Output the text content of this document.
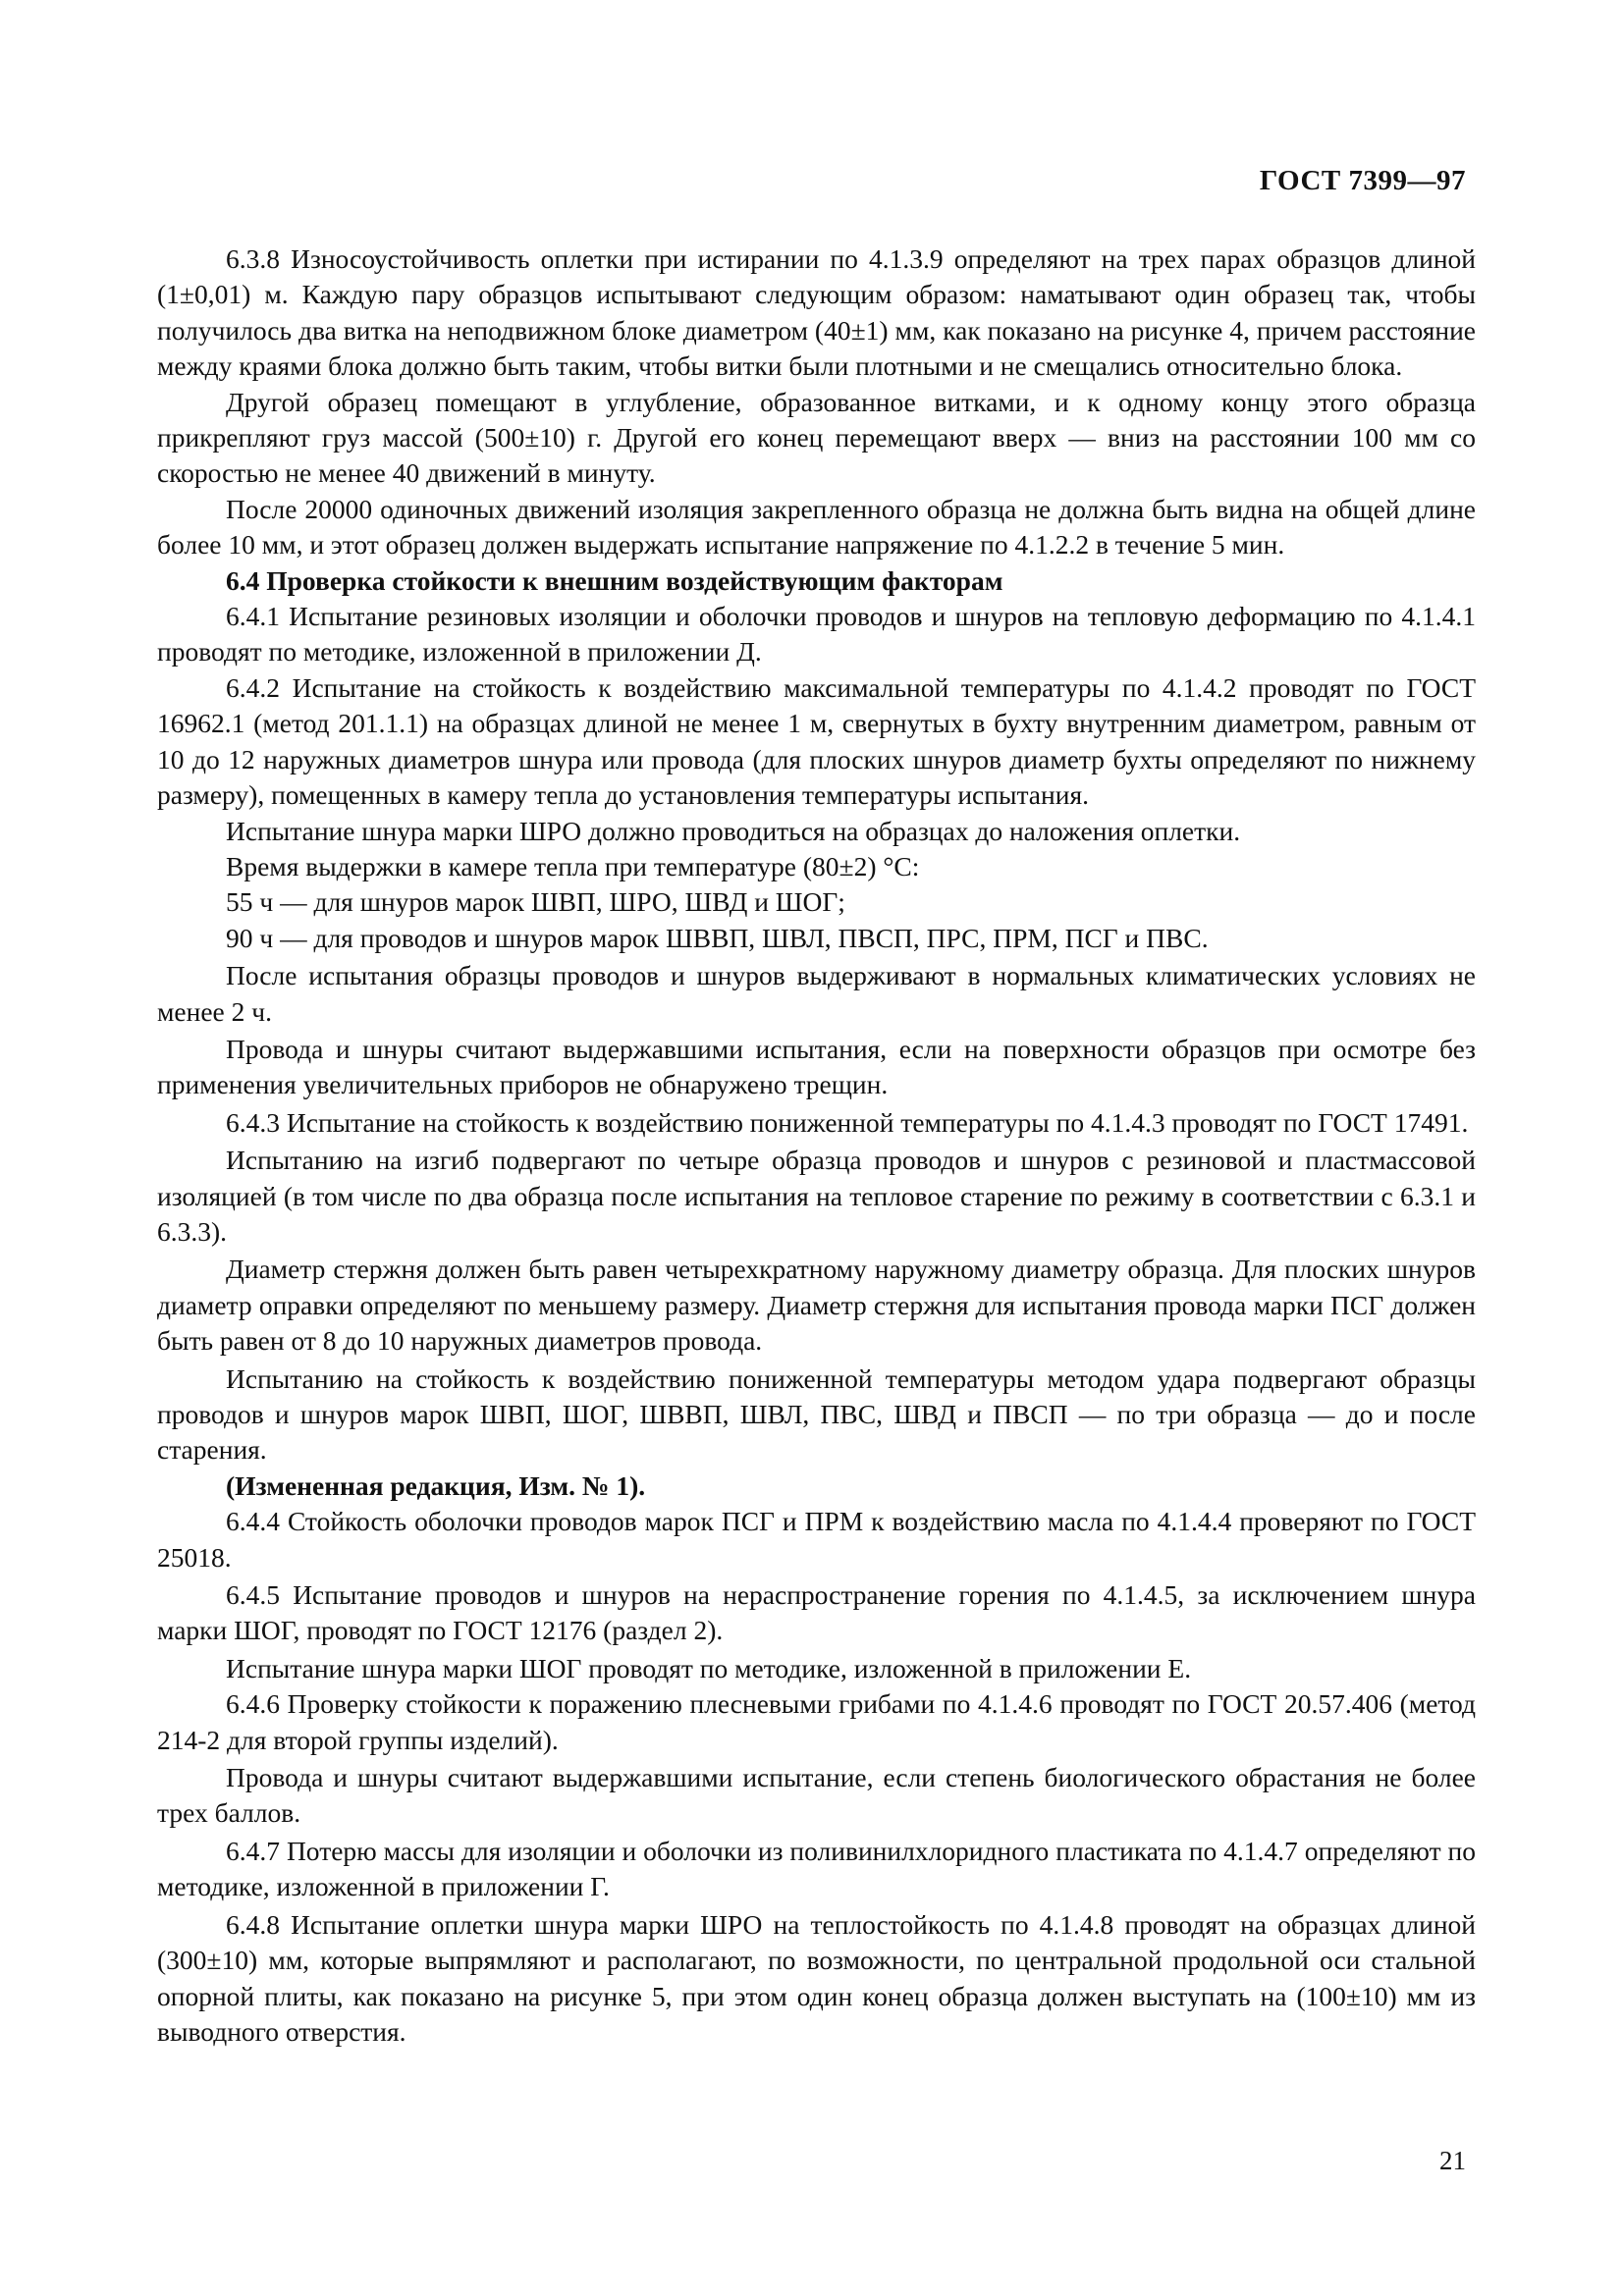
ГОСТ 7399—97

6.3.8 Износоустойчивость оплетки при истирании по 4.1.3.9 определяют на трех парах образцов длиной (1±0,01) м. Каждую пару образцов испытывают следующим образом: наматывают один образец так, чтобы получилось два витка на неподвижном блоке диаметром (40±1) мм, как показано на рисунке 4, причем расстояние между краями блока должно быть таким, чтобы витки были плотными и не смещались относительно блока.

Другой образец помещают в углубление, образованное витками, и к одному концу этого образца прикрепляют груз массой (500±10) г. Другой его конец перемещают вверх — вниз на расстоянии 100 мм со скоростью не менее 40 движений в минуту.

После 20000 одиночных движений изоляция закрепленного образца не должна быть видна на общей длине более 10 мм, и этот образец должен выдержать испытание напряжение по 4.1.2.2 в течение 5 мин.

6.4 Проверка стойкости к внешним воздействующим факторам

6.4.1 Испытание резиновых изоляции и оболочки проводов и шнуров на тепловую деформацию по 4.1.4.1 проводят по методике, изложенной в приложении Д.

6.4.2 Испытание на стойкость к воздействию максимальной температуры по 4.1.4.2 проводят по ГОСТ 16962.1 (метод 201.1.1) на образцах длиной не менее 1 м, свернутых в бухту внутренним диаметром, равным от 10 до 12 наружных диаметров шнура или провода (для плоских шнуров диаметр бухты определяют по нижнему размеру), помещенных в камеру тепла до установления температуры испытания.

Испытание шнура марки ШРО должно проводиться на образцах до наложения оплетки.

Время выдержки в камере тепла при температуре (80±2) °С:

55 ч — для шнуров марок ШВП, ШРО, ШВД и ШОГ;

90 ч — для проводов и шнуров марок ШВВП, ШВЛ, ПВСП, ПРС, ПРМ, ПСГ и ПВС.

После испытания образцы проводов и шнуров выдерживают в нормальных климатических условиях не менее 2 ч.

Провода и шнуры считают выдержавшими испытания, если на поверхности образцов при осмотре без применения увеличительных приборов не обнаружено трещин.

6.4.3 Испытание на стойкость к воздействию пониженной температуры по 4.1.4.3 проводят по ГОСТ 17491.

Испытанию на изгиб подвергают по четыре образца проводов и шнуров с резиновой и пластмассовой изоляцией (в том числе по два образца после испытания на тепловое старение по режиму в соответствии с 6.3.1 и 6.3.3).

Диаметр стержня должен быть равен четырехкратному наружному диаметру образца. Для плоских шнуров диаметр оправки определяют по меньшему размеру. Диаметр стержня для испытания провода марки ПСГ должен быть равен от 8 до 10 наружных диаметров провода.

Испытанию на стойкость к воздействию пониженной температуры методом удара подвергают образцы проводов и шнуров марок ШВП, ШОГ, ШВВП, ШВЛ, ПВС, ШВД и ПВСП — по три образца — до и после старения.

(Измененная редакция, Изм. № 1).

6.4.4 Стойкость оболочки проводов марок ПСГ и ПРМ к воздействию масла по 4.1.4.4 проверяют по ГОСТ 25018.

6.4.5 Испытание проводов и шнуров на нераспространение горения по 4.1.4.5, за исключением шнура марки ШОГ, проводят по ГОСТ 12176 (раздел 2).

Испытание шнура марки ШОГ проводят по методике, изложенной в приложении Е.

6.4.6 Проверку стойкости к поражению плесневыми грибами по 4.1.4.6 проводят по ГОСТ 20.57.406 (метод 214-2 для второй группы изделий).

Провода и шнуры считают выдержавшими испытание, если степень биологического обрастания не более трех баллов.

6.4.7 Потерю массы для изоляции и оболочки из поливинилхлоридного пластиката по 4.1.4.7 определяют по методике, изложенной в приложении Г.

6.4.8 Испытание оплетки шнура марки ШРО на теплостойкость по 4.1.4.8 проводят на образцах длиной (300±10) мм, которые выпрямляют и располагают, по возможности, по центральной продольной оси стальной опорной плиты, как показано на рисунке 5, при этом один конец образца должен выступать на (100±10) мм из выводного отверстия.

21
